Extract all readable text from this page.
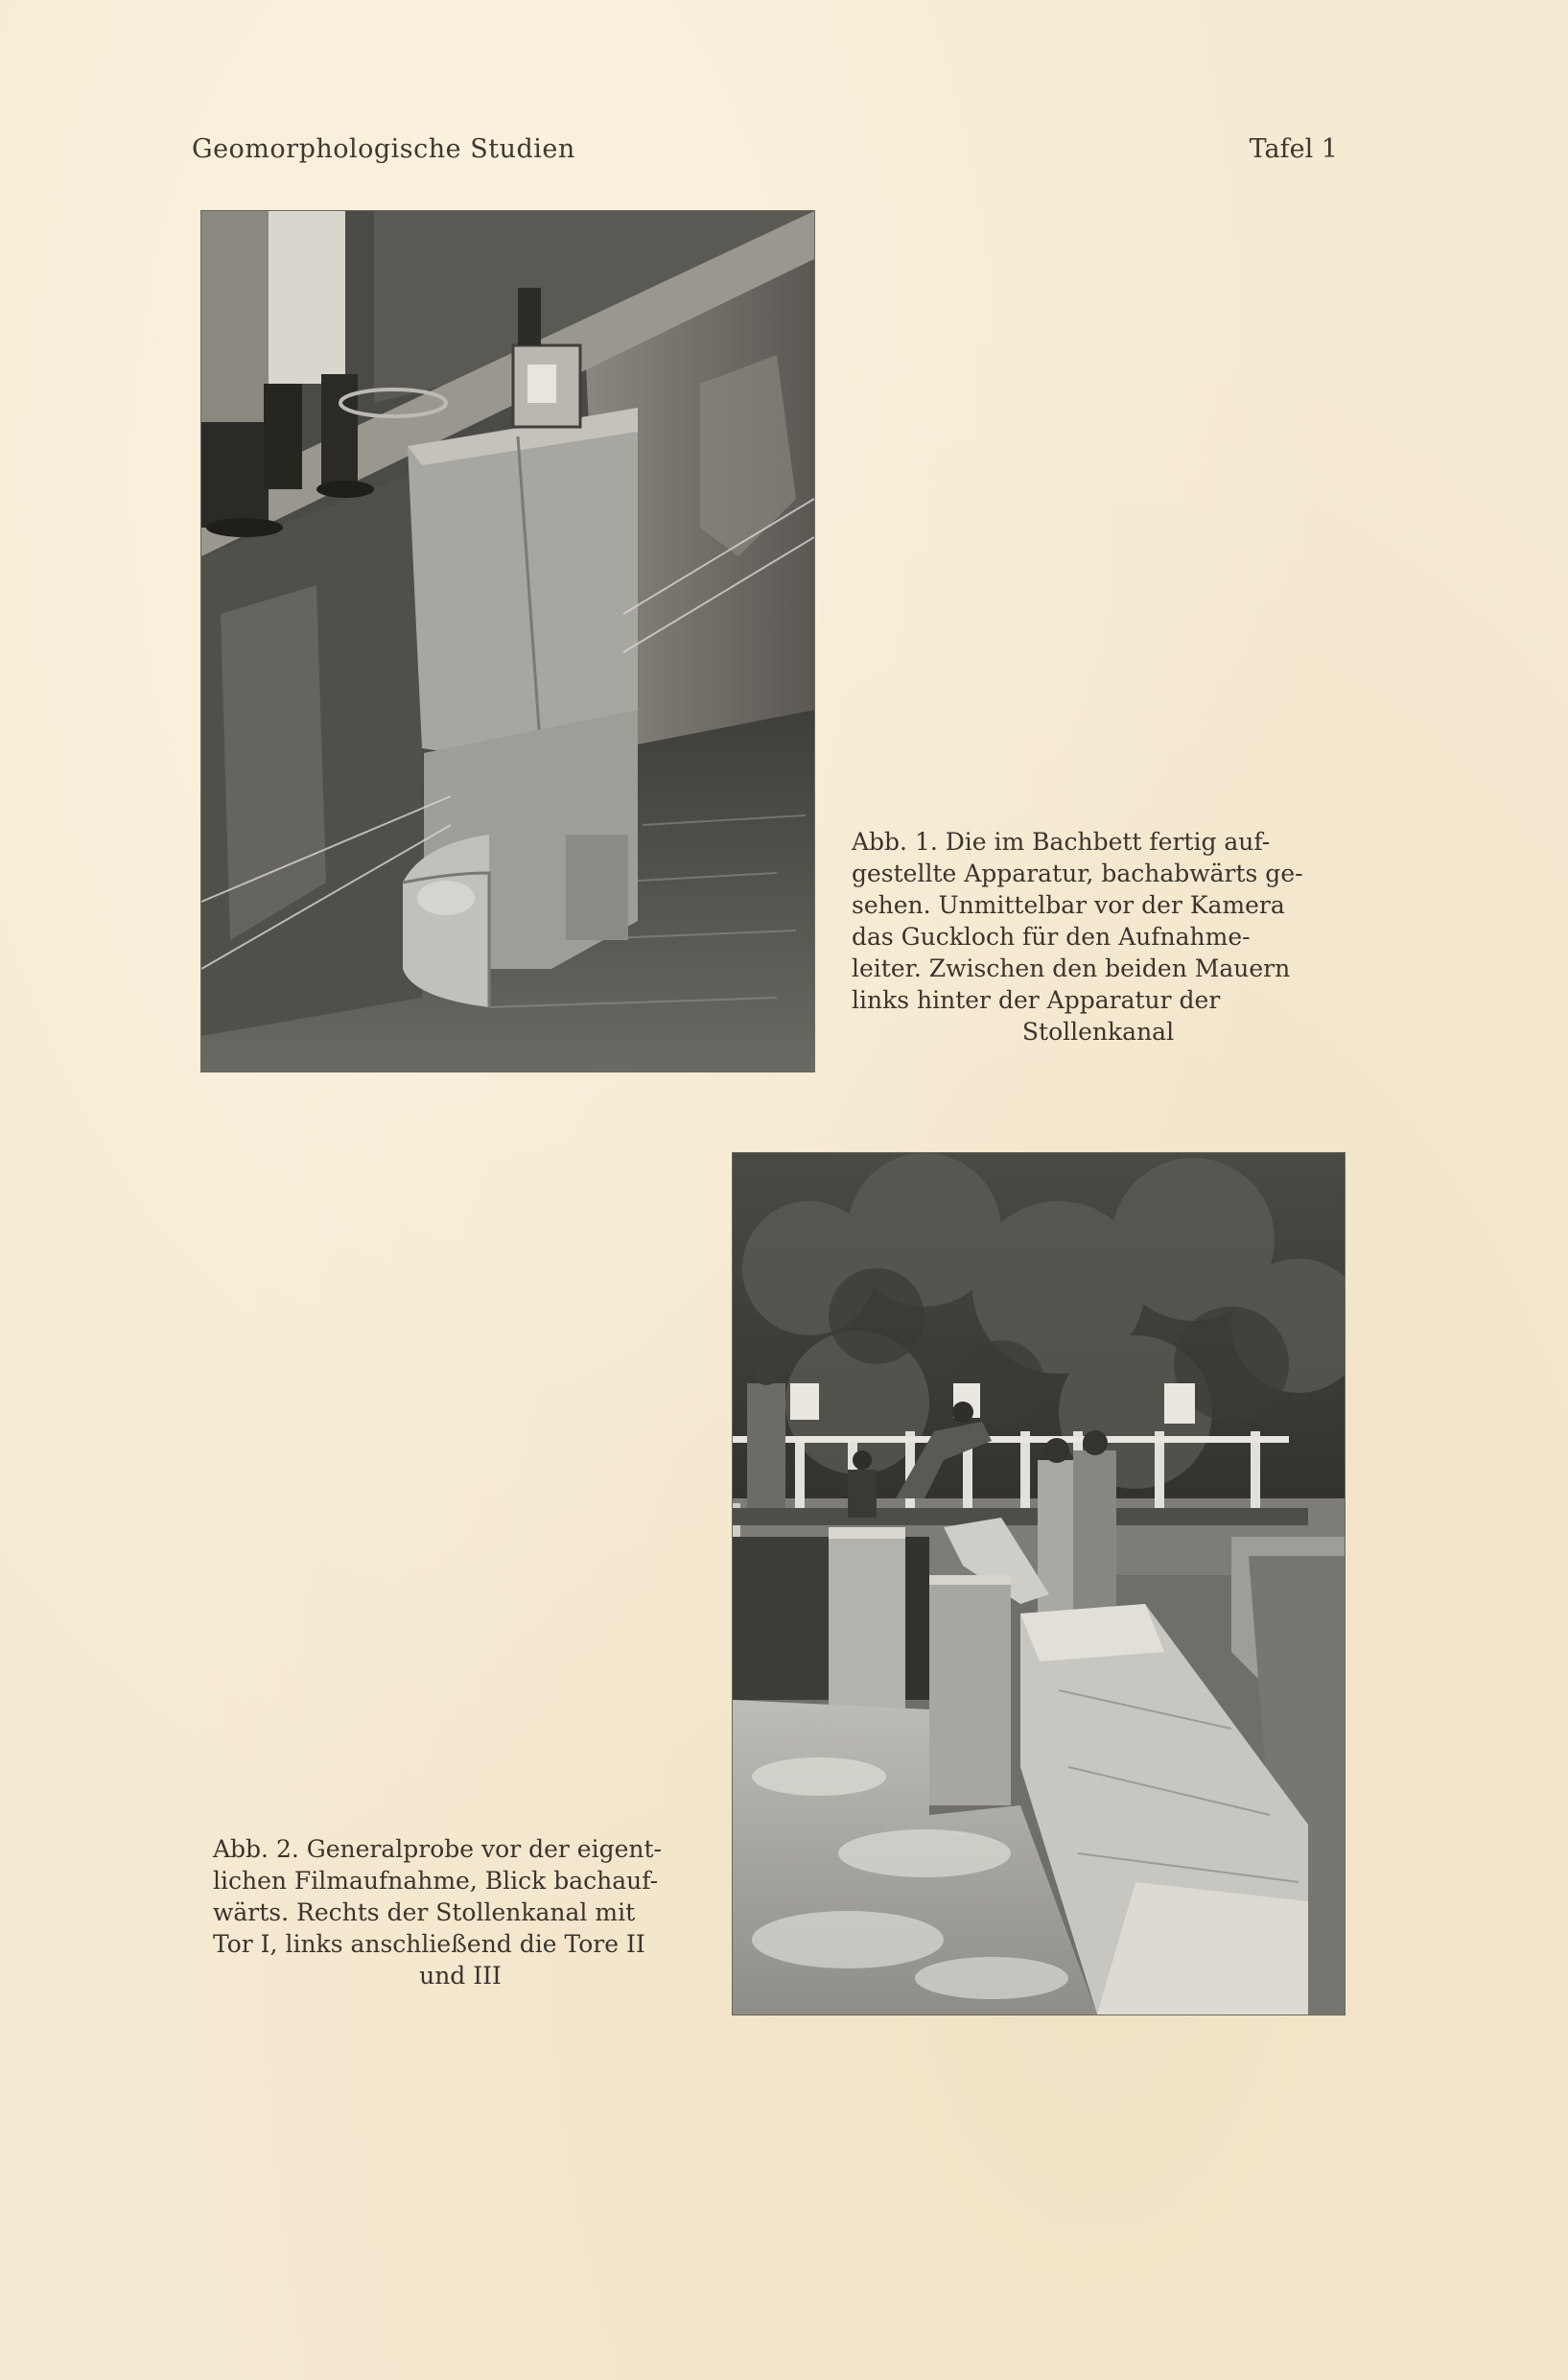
Geomorphologische Studien	Tafel 1

Abb. 1. Die im Bachbett fertig auf-

gestellte Apparatur, bachabwärts ge-

sehen. Unmittelbar vor der Kamera

das Guckloch für den Aufnahme-

leiter. Zwischen den beiden Mauern

links hinter der Apparatur der

Stollenkanal

Abb. 2. Generalprobe vor der eigent-

lichen Filmaufnahme, Blick bachauf-

wärts. Rechts der Stollenkanal mit

Tor I, links anschließend die Tore II

und III
